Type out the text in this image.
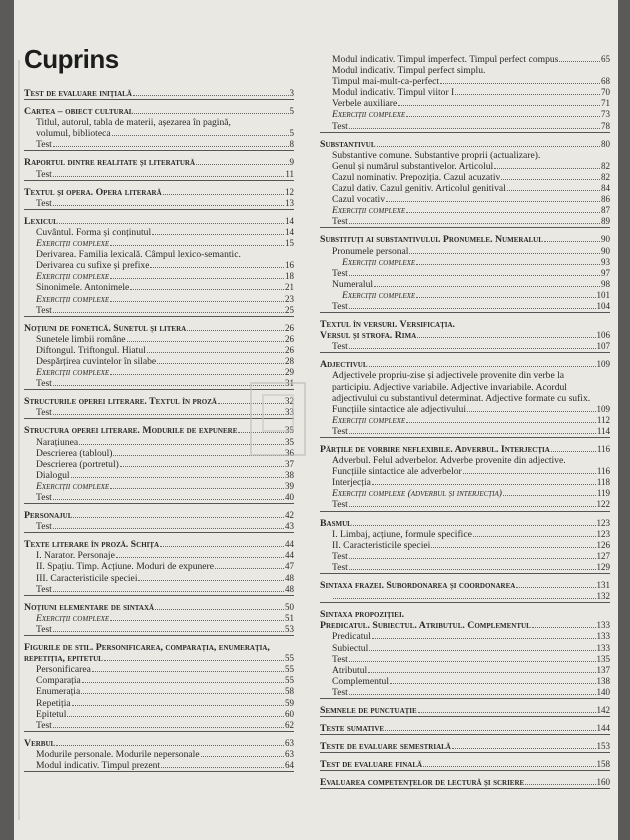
Cuprins
Test de evaluare inițială	3
Cartea – obiect cultural	5
Titlul, autorul, tabla de materii, așezarea în pagină,
volumul, biblioteca	5
Test	8
Raportul dintre realitate și literatură	9
Test	11
Textul și opera. Opera literară	12
Test	13
Lexicul	14
Cuvântul. Forma și conținutul	14
Exerciții complexe	15
Derivarea. Familia lexicală. Câmpul lexico-semantic.
Derivarea cu sufixe și prefixe	16
Exerciții complexe	18
Sinonimele. Antonimele	21
Exerciții complexe	23
Test	25
Noțiuni de fonetică. Sunetul și litera	26
Sunetele limbii române	26
Diftongul. Triftongul. Hiatul	26
Despărțirea cuvintelor în silabe	28
Exerciții complexe	29
Test	31
Structurile operei literare. Textul în proză	32
Test	33
Structura operei literare. Modurile de expunere	35
Narațiunea	35
Descrierea (tabloul)	36
Descrierea (portretul)	37
Dialogul	38
Exerciții complexe	39
Test	40
Personajul	42
Test	43
Texte literare în proză. Schița	44
I. Narator. Personaje	44
II. Spațiu. Timp. Acțiune. Moduri de expunere	47
III. Caracteristicile speciei	48
Test	48
Noțiuni elementare de sintaxă	50
Exerciții complexe	51
Test	53
Figurile de stil. Personificarea, comparația, enumerația,
repetiția, epitetul	55
Personificarea	55
Comparația	55
Enumerația	58
Repetiția	59
Epitetul	60
Test	62
Verbul	63
Modurile personale. Modurile nepersonale	63
Modul indicativ. Timpul prezent	64
Modul indicativ. Timpul imperfect. Timpul perfect compus	65
Modul indicativ. Timpul perfect simplu.
Timpul mai-mult-ca-perfect	68
Modul indicativ. Timpul viitor I	70
Verbele auxiliare	71
Exerciții complexe	73
Test	78
Substantivul	80
Substantive comune. Substantive proprii (actualizare).
Genul și numărul substantivelor. Articolul	82
Cazul nominativ. Prepoziția. Cazul acuzativ	82
Cazul dativ. Cazul genitiv. Articolul genitival	84
Cazul vocativ	86
Exerciții complexe	87
Test	89
Substituți ai substantivului. Pronumele. Numeralul	90
Pronumele personal	90
Exerciții complexe	93
Test	97
Numeralul	98
Exerciții complexe	101
Test	104
Textul în versuri. Versificația.
Versul și strofa. Rima	106
Test	107
Adjectivul	109
Adjectivele propriu-zise și adjectivele provenite din verbe la
participiu. Adjective variabile. Adjective invariabile. Acordul
adjectivului cu substantivul determinat. Adjective formate cu sufix.
Funcțiile sintactice ale adjectivului	109
Exerciții complexe	112
Test	114
Părțile de vorbire neflexibile. Adverbul. Interjecția	116
Adverbul. Felul adverbelor. Adverbe provenite din adjective.
Funcțiile sintactice ale adverbelor	116
Interjecția	118
Exerciții complexe (adverbul și interjecția)	119
Test	122
Basmul	123
I. Limbaj, acțiune, formule specifice	123
II. Caracteristicile speciei	126
Test	127
Test	129
Sintaxa frazei. Subordonarea și coordonarea	131
132
Sintaxa propoziției.
Predicatul. Subiectul. Atributul. Complementul	133
Predicatul	133
Subiectul	133
Test	135
Atributul	137
Complementul	138
Test	140
Semnele de punctuație	142
Teste sumative	144
Teste de evaluare semestrială	153
Test de evaluare finală	158
Evaluarea competențelor de lectură și scriere	160
